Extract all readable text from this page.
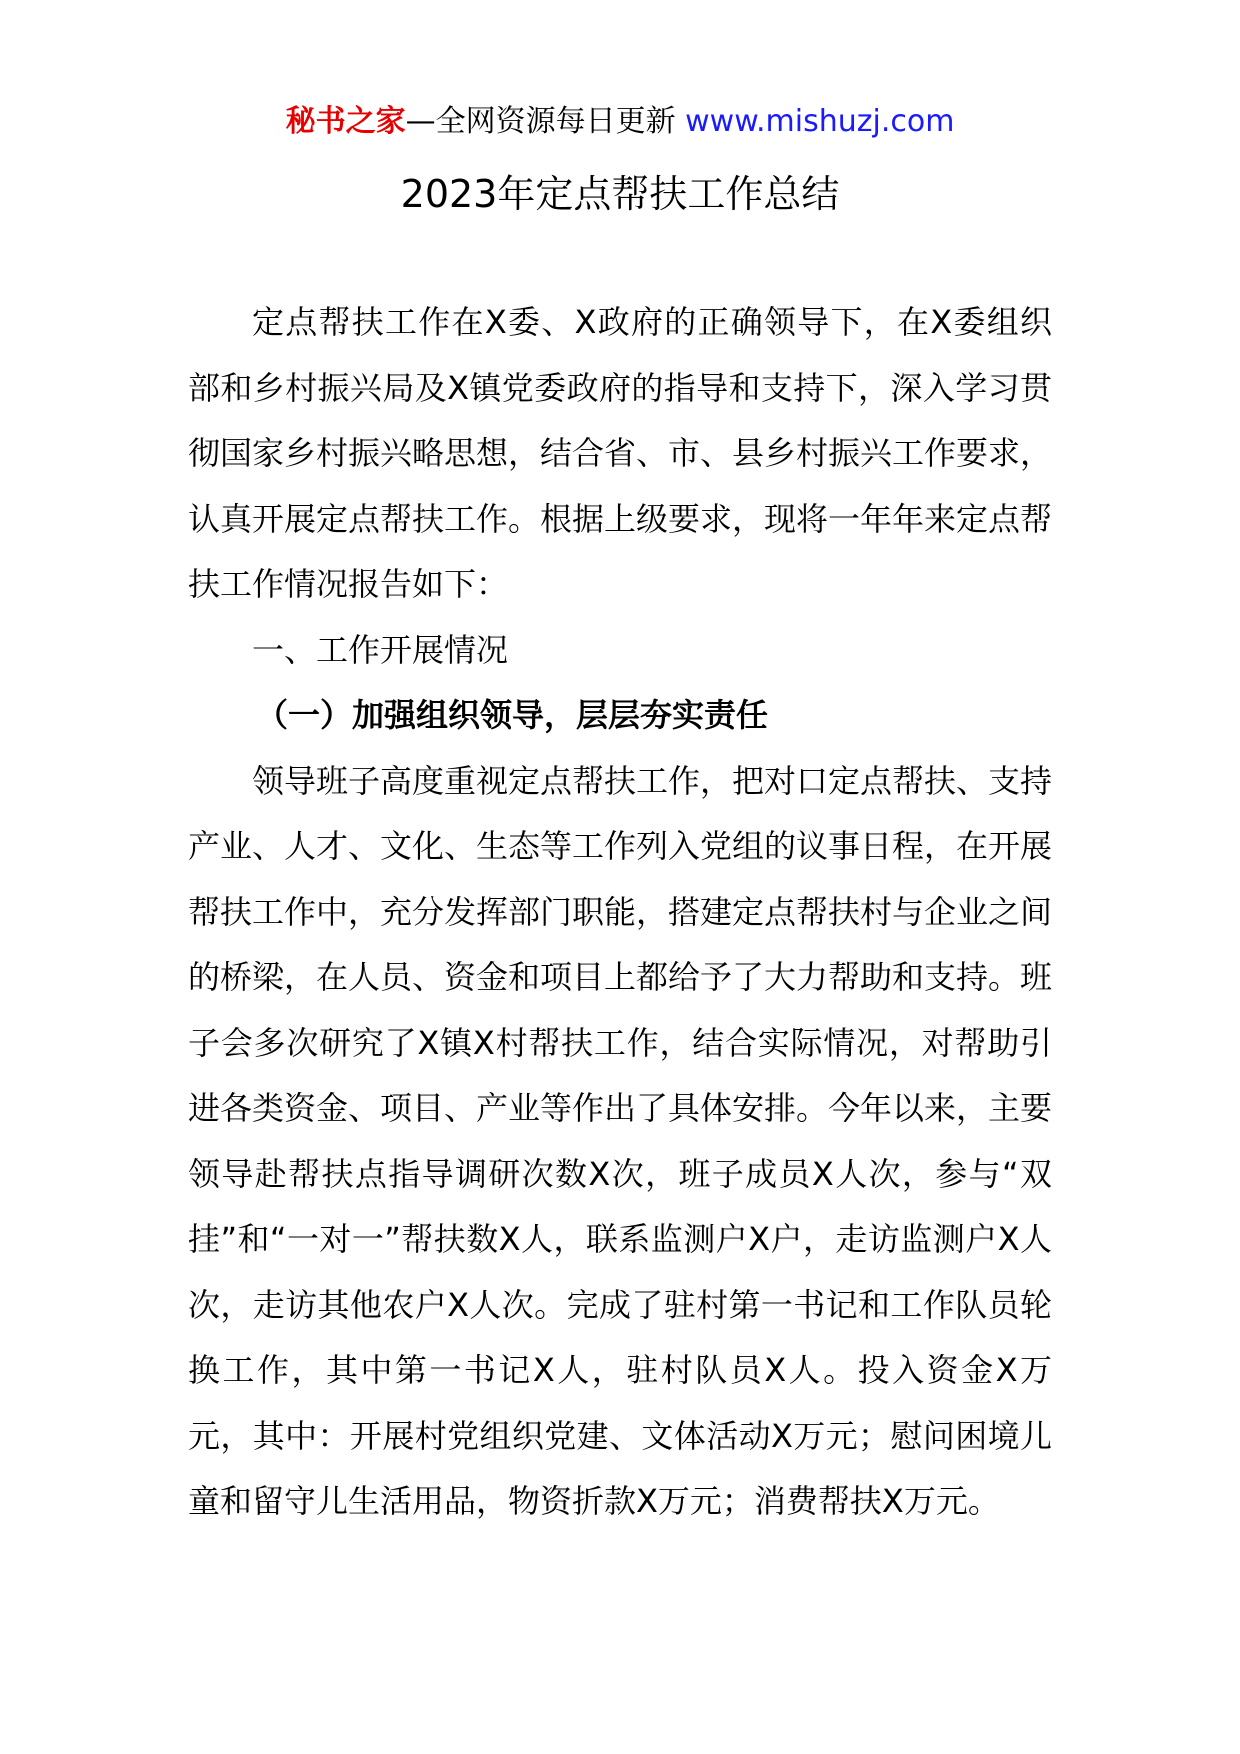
秘书之家—全网资源每日更新 www.mishuzj.com
2023年定点帮扶工作总结

定点帮扶工作在X委、X政府的正确领导下，在X委组织部和乡村振兴局及X镇党委政府的指导和支持下，深入学习贯彻国家乡村振兴略思想，结合省、市、县乡村振兴工作要求，认真开展定点帮扶工作。根据上级要求，现将一年年来定点帮扶工作情况报告如下：

一、工作开展情况

（一）加强组织领导，层层夯实责任

领导班子高度重视定点帮扶工作，把对口定点帮扶、支持产业、人才、文化、生态等工作列入党组的议事日程，在开展帮扶工作中，充分发挥部门职能，搭建定点帮扶村与企业之间的桥梁，在人员、资金和项目上都给予了大力帮助和支持。班子会多次研究了X镇X村帮扶工作，结合实际情况，对帮助引进各类资金、项目、产业等作出了具体安排。今年以来，主要领导赴帮扶点指导调研次数X次，班子成员X人次，参与“双挂”和“一对一”帮扶数X人，联系监测户X户，走访监测户X人次，走访其他农户X人次。完成了驻村第一书记和工作队员轮换工作，其中第一书记X人，驻村队员X人。投入资金X万元，其中：开展村党组织党建、文体活动X万元；慰问困境儿童和留守儿生活用品，物资折款X万元；消费帮扶X万元。
